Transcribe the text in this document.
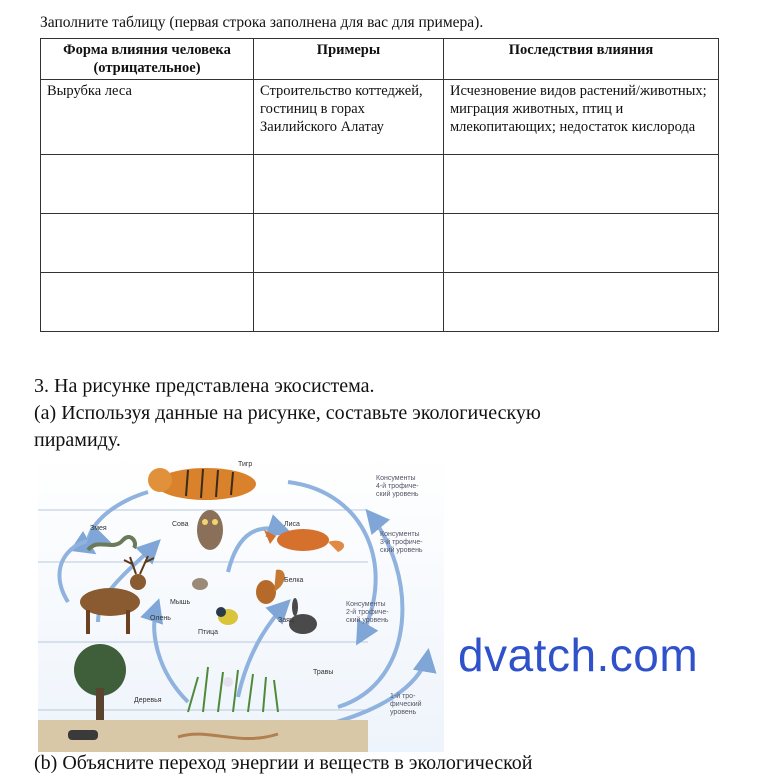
Заполните таблицу (первая строка заполнена для вас для примера).
Форма влияния человека (отрицательное)	Примеры	Последствия влияния
Вырубка леса	Строительство коттеджей, гостиниц в горах Заилийского Алатау	Исчезновение видов растений/животных; миграция животных, птиц и млекопитающих; недостаток кислорода

3. На рисунке представлена экосистема.
(a) Используя данные на рисунке, составьте экологическую
пирамиду.
Тигр
Змея
Сова	Лиса
Олень
Мышь
Белка
Птица
Заяц
Травы
Деревья
Консументы
4-й трофиче-
ский уровень
Консументы
3-й трофиче-
ский уровень
Консументы
2-й трофиче-
ский уровень
1-й тро-
фический
уровень
dvatch.com
(b) Объясните переход энергии и веществ в экологической
